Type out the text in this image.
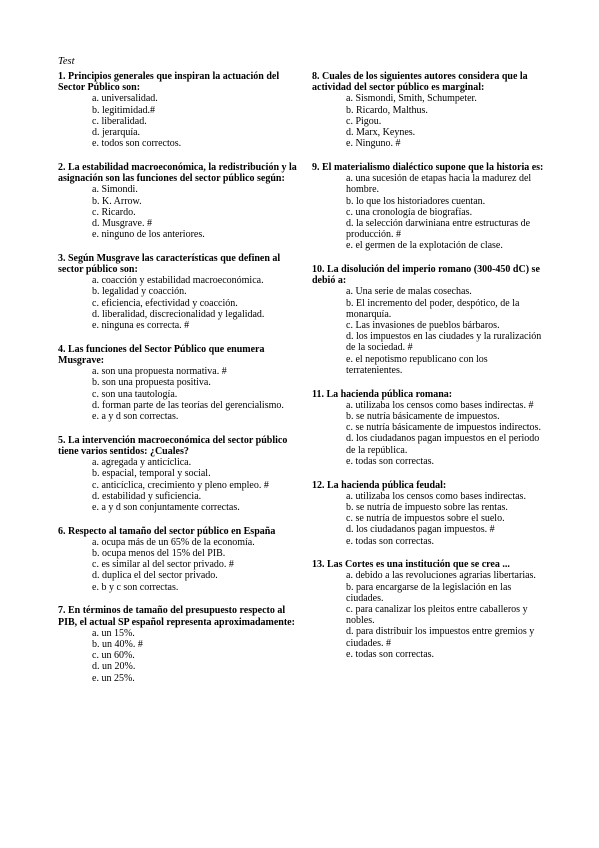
Test
1. Principios generales que inspiran la actuación del Sector Público son:
a. universalidad.
b. legitimidad.#
c. liberalidad.
d. jerarquía.
e. todos son correctos.
2. La estabilidad macroeconómica, la redistribución y la asignación son las funciones del sector público según:
a. Simondi.
b. K. Arrow.
c. Ricardo.
d. Musgrave. #
e. ninguno de los anteriores.
3. Según Musgrave las características que definen al sector público son:
a. coacción y estabilidad macroeconómica.
b. legalidad y coacción.
c. eficiencia, efectividad y coacción.
d. liberalidad, discrecionalidad y legalidad.
e. ninguna es correcta. #
4. Las funciones del Sector Público que enumera Musgrave:
a. son una propuesta normativa. #
b. son una propuesta positiva.
c. son una tautología.
d. forman parte de las teorías del gerencialismo.
e. a y d son correctas.
5. La intervención macroeconómica del sector público tiene varios sentidos: ¿Cuales?
a. agregada y anticíclica.
b. espacial, temporal y social.
c. anticíclica, crecimiento y pleno empleo. #
d. estabilidad y suficiencia.
e. a y d son conjuntamente correctas.
6. Respecto al tamaño del sector público en España
a. ocupa más de un 65% de la economía.
b. ocupa menos del 15% del PIB.
c. es similar al del sector privado. #
d. duplica el del sector privado.
e. b y c son correctas.
7. En términos de tamaño del presupuesto respecto al PIB, el actual SP español representa aproximadamente:
a. un 15%.
b. un 40%. #
c. un 60%.
d. un 20%.
e. un 25%.
8. Cuales de los siguientes autores considera que la actividad del sector público es marginal:
a. Sismondi, Smith, Schumpeter.
b. Ricardo, Malthus.
c. Pigou.
d. Marx, Keynes.
e. Ninguno. #
9. El materialismo dialéctico supone que la historia es:
a. una sucesión de etapas hacia la madurez del hombre.
b. lo que los historiadores cuentan.
c. una cronología de biografías.
d. la selección darwiniana entre estructuras de producción. #
e. el germen de la explotación de clase.
10. La disolución del imperio romano (300-450 dC) se debió a:
a. Una serie de malas cosechas.
b. El incremento del poder, despótico, de la monarquía.
c. Las invasiones de pueblos bárbaros.
d. los impuestos en las ciudades y la ruralización de la sociedad. #
e. el nepotismo republicano con los terratenientes.
11. La hacienda pública romana:
a. utilizaba los censos como bases indirectas. #
b. se nutría básicamente de impuestos.
c. se nutría básicamente de impuestos indirectos.
d. los ciudadanos pagan impuestos en el periodo de la república.
e. todas son correctas.
12. La hacienda pública feudal:
a. utilizaba los censos como bases indirectas.
b. se nutría de impuesto sobre las rentas.
c. se nutría de impuestos sobre el suelo.
d. los ciudadanos pagan impuestos. #
e. todas son correctas.
13. Las Cortes es una institución que se crea ...
a. debido a las revoluciones agrarias libertarias.
b. para encargarse de la legislación en las ciudades.
c. para canalizar los pleitos entre caballeros y nobles.
d. para distribuir los impuestos entre gremios y ciudades. #
e. todas son correctas.
